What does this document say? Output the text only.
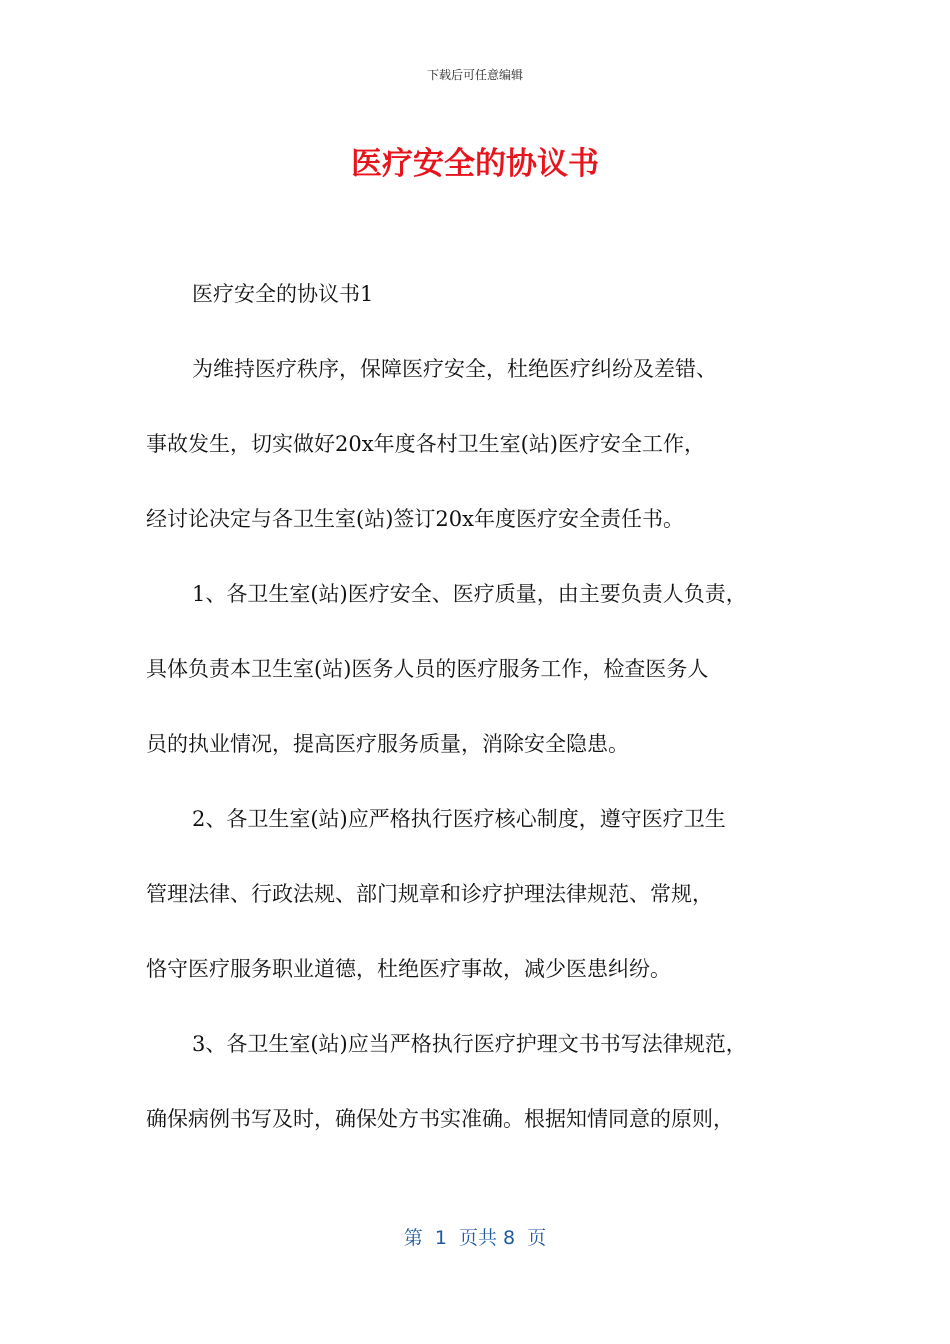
下载后可任意编辑
医疗安全的协议书
医疗安全的协议书1
为维持医疗秩序，保障医疗安全，杜绝医疗纠纷及差错、
事故发生，切实做好20x年度各村卫生室(站)医疗安全工作，
经讨论决定与各卫生室(站)签订20x年度医疗安全责任书。
1、各卫生室(站)医疗安全、医疗质量，由主要负责人负责，
具体负责本卫生室(站)医务人员的医疗服务工作，检查医务人
员的执业情况，提高医疗服务质量，消除安全隐患。
2、各卫生室(站)应严格执行医疗核心制度，遵守医疗卫生
管理法律、行政法规、部门规章和诊疗护理法律规范、常规，
恪守医疗服务职业道德，杜绝医疗事故，减少医患纠纷。
3、各卫生室(站)应当严格执行医疗护理文书书写法律规范，
确保病例书写及时，确保处方书实准确。根据知情同意的原则，
第  1  页共 8  页
